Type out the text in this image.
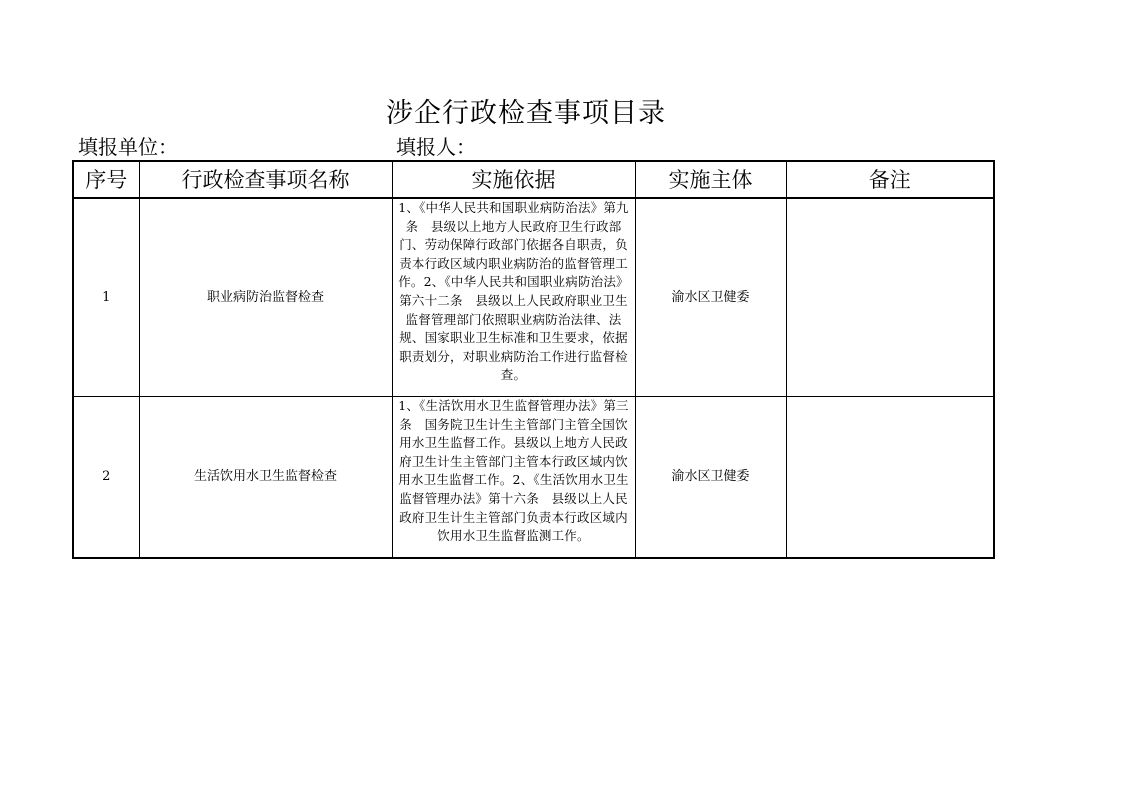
涉企行政检查事项目录
填报单位：	填报人：
序号	行政检查事项名称	实施依据	实施主体	备注
1	职业病防治监督检查	1、《中华人民共和国职业病防治法》第九条　县级以上地方人民政府卫生行政部门、劳动保障行政部门依据各自职责，负责本行政区域内职业病防治的监督管理工作。2、《中华人民共和国职业病防治法》第六十二条　县级以上人民政府职业卫生监督管理部门依照职业病防治法律、法规、国家职业卫生标准和卫生要求，依据职责划分，对职业病防治工作进行监督检查。	渝水区卫健委	
2	生活饮用水卫生监督检查	1、《生活饮用水卫生监督管理办法》第三条　国务院卫生计生主管部门主管全国饮用水卫生监督工作。县级以上地方人民政府卫生计生主管部门主管本行政区域内饮用水卫生监督工作。2、《生活饮用水卫生监督管理办法》第十六条　县级以上人民政府卫生计生主管部门负责本行政区域内饮用水卫生监督监测工作。	渝水区卫健委	
